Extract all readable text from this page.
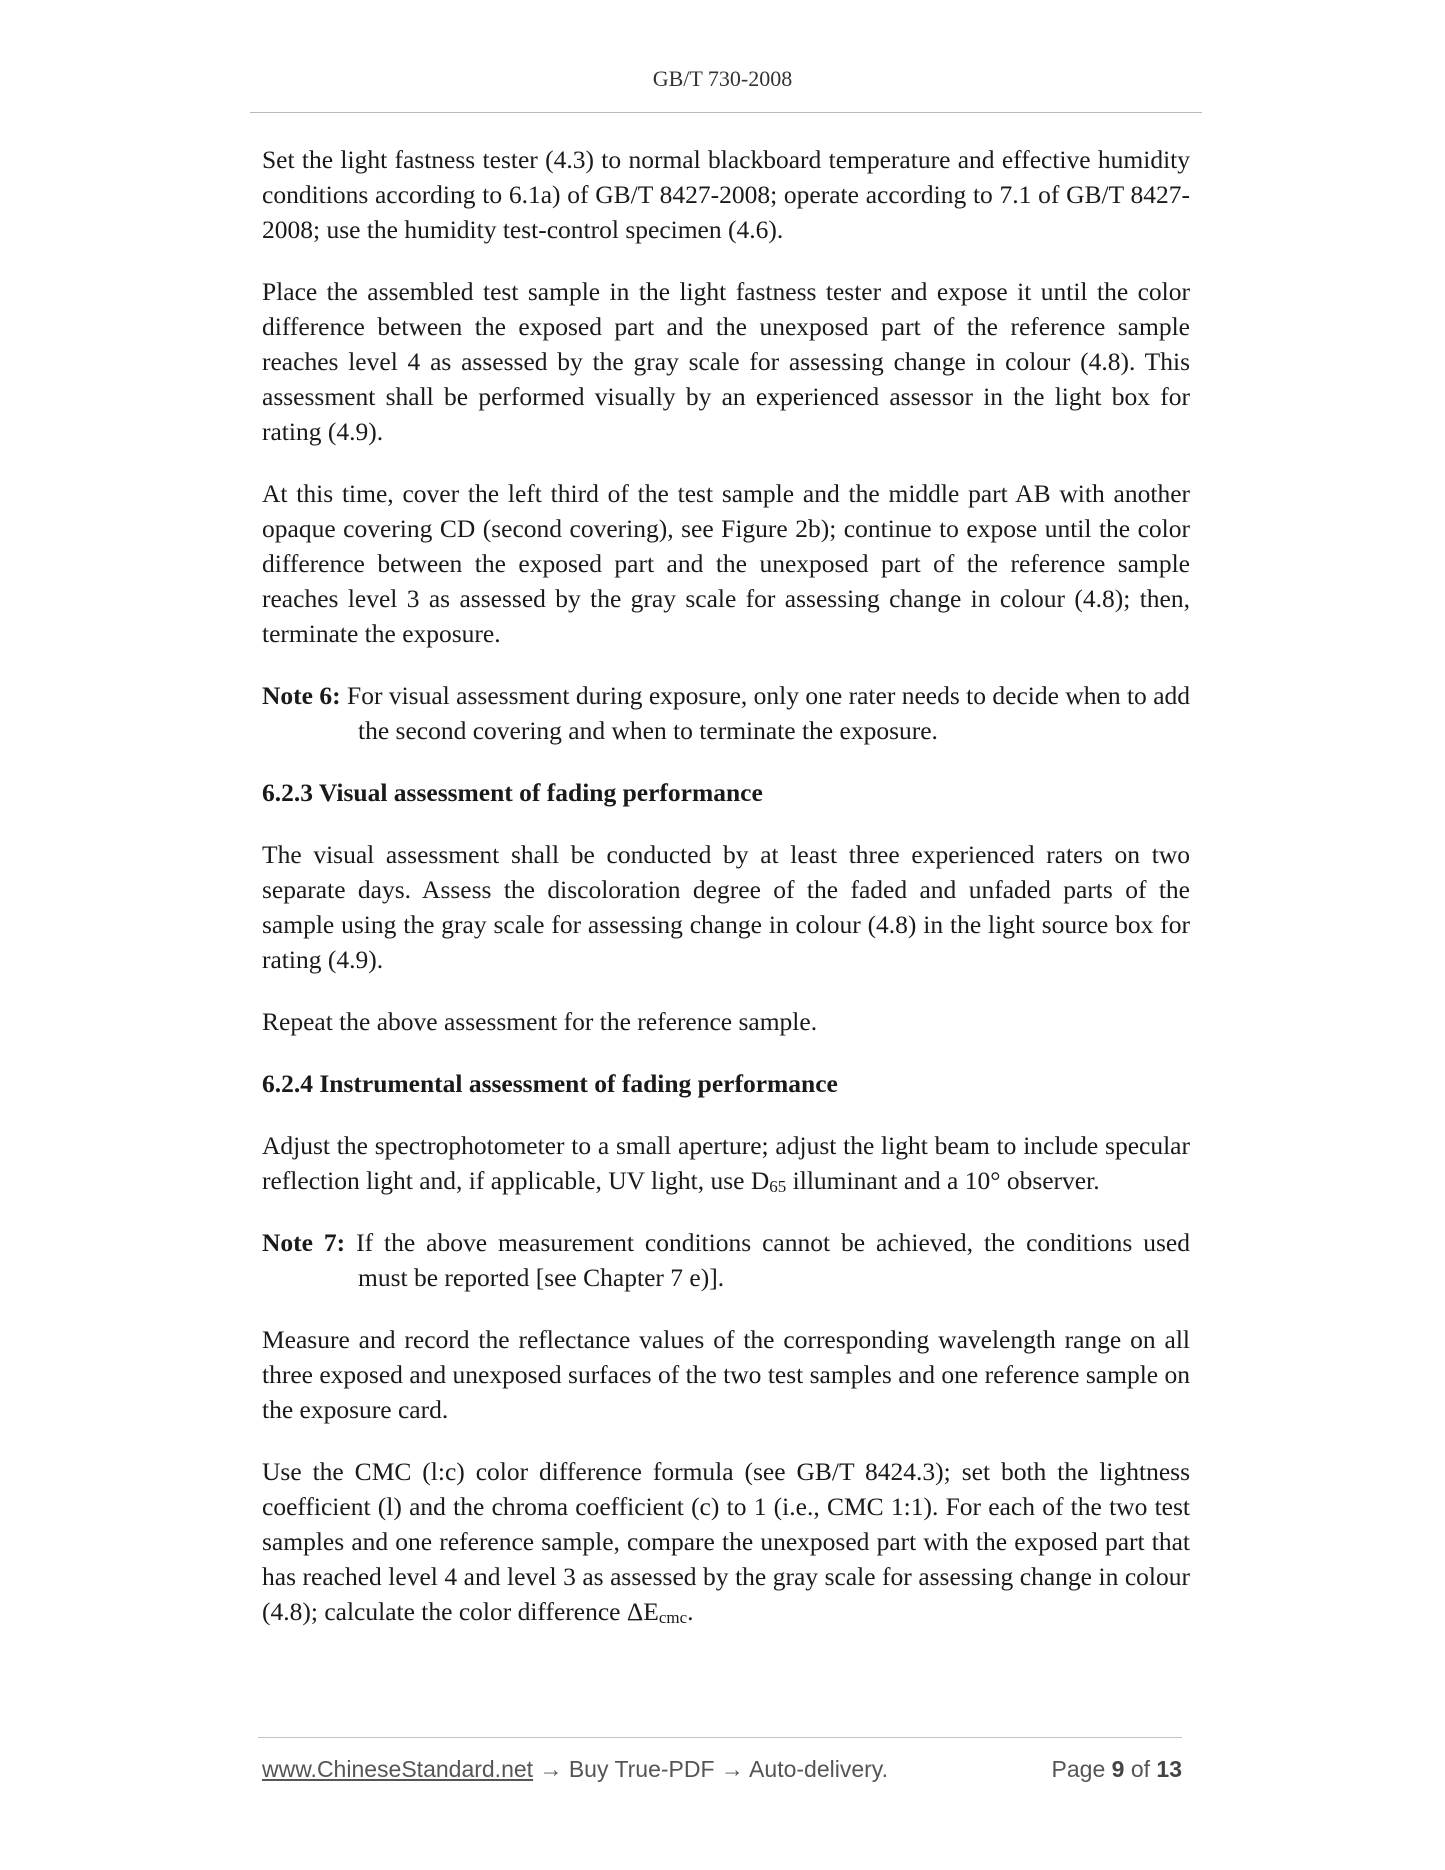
GB/T 730-2008

Set the light fastness tester (4.3) to normal blackboard temperature and effective humidity conditions according to 6.1a) of GB/T 8427-2008; operate according to 7.1 of GB/T 8427-2008; use the humidity test-control specimen (4.6).

Place the assembled test sample in the light fastness tester and expose it until the color difference between the exposed part and the unexposed part of the reference sample reaches level 4 as assessed by the gray scale for assessing change in colour (4.8). This assessment shall be performed visually by an experienced assessor in the light box for rating (4.9).

At this time, cover the left third of the test sample and the middle part AB with another opaque covering CD (second covering), see Figure 2b); continue to expose until the color difference between the exposed part and the unexposed part of the reference sample reaches level 3 as assessed by the gray scale for assessing change in colour (4.8); then, terminate the exposure.

Note 6: For visual assessment during exposure, only one rater needs to decide when to add the second covering and when to terminate the exposure.
6.2.3 Visual assessment of fading performance

The visual assessment shall be conducted by at least three experienced raters on two separate days. Assess the discoloration degree of the faded and unfaded parts of the sample using the gray scale for assessing change in colour (4.8) in the light source box for rating (4.9).

Repeat the above assessment for the reference sample.

6.2.4 Instrumental assessment of fading performance

Adjust the spectrophotometer to a small aperture; adjust the light beam to include specular reflection light and, if applicable, UV light, use $D_{65}$ illuminant and a 10° observer.

Note 7: If the above measurement conditions cannot be achieved, the conditions used must be reported [see Chapter 7 e)].

Measure and record the reflectance values of the corresponding wavelength range on all three exposed and unexposed surfaces of the two test samples and one reference sample on the exposure card.

Use the CMC (l:c) color difference formula (see GB/T 8424.3); set both the lightness coefficient (l) and the chroma coefficient (c) to 1 (i.e., CMC 1:1). For each of the two test samples and one reference sample, compare the unexposed part with the exposed part that has reached level 4 and level 3 as assessed by the gray scale for assessing change in colour (4.8); calculate the color difference $\Delta E_{cmc}$.

www.ChineseStandard.net → Buy True-PDF → Auto-delivery.	Page 9 of 13
